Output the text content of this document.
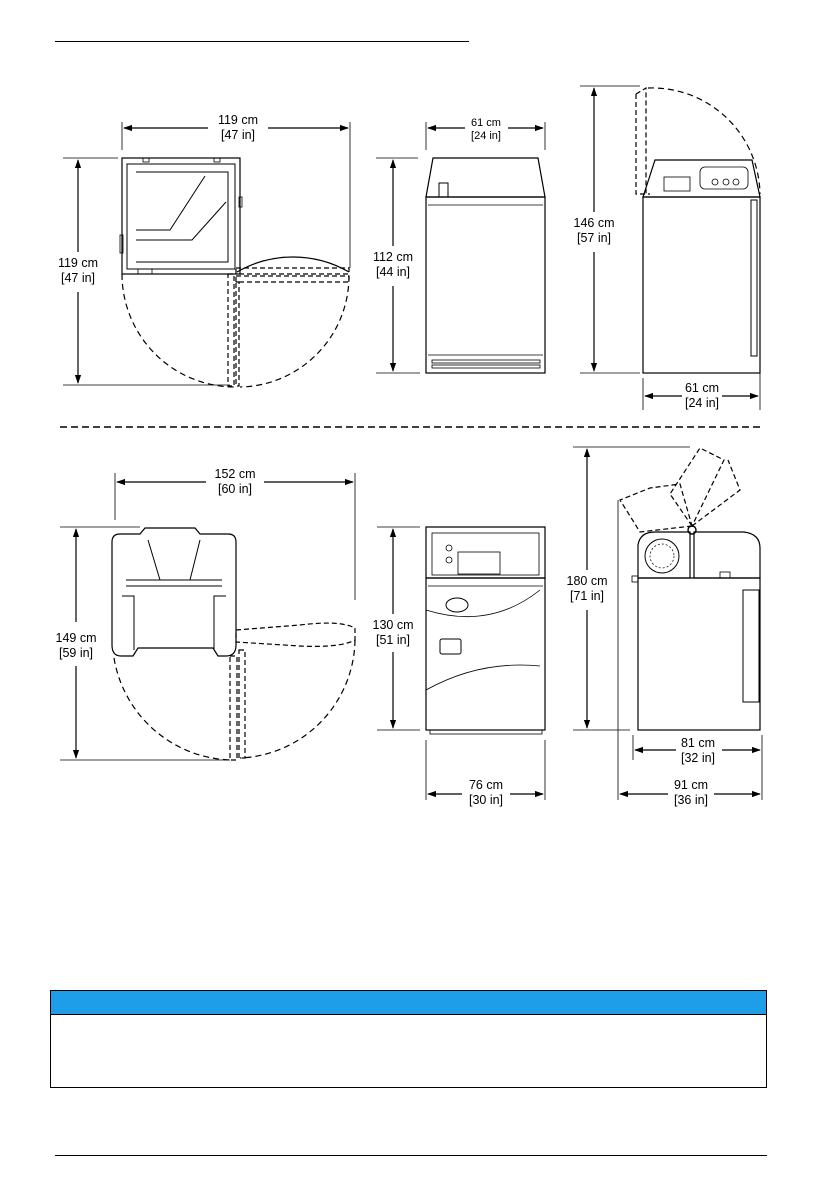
119 cm
[47 in]
119 cm
[47 in]
61 cm
[24 in]
112 cm
[44 in]
146 cm
[57 in]
61 cm
[24 in]
152 cm
[60 in]
149 cm
[59 in]
130 cm
[51 in]
76 cm
[30 in]
180 cm
[71 in]
81 cm
[32 in]
91 cm
[36 in]
